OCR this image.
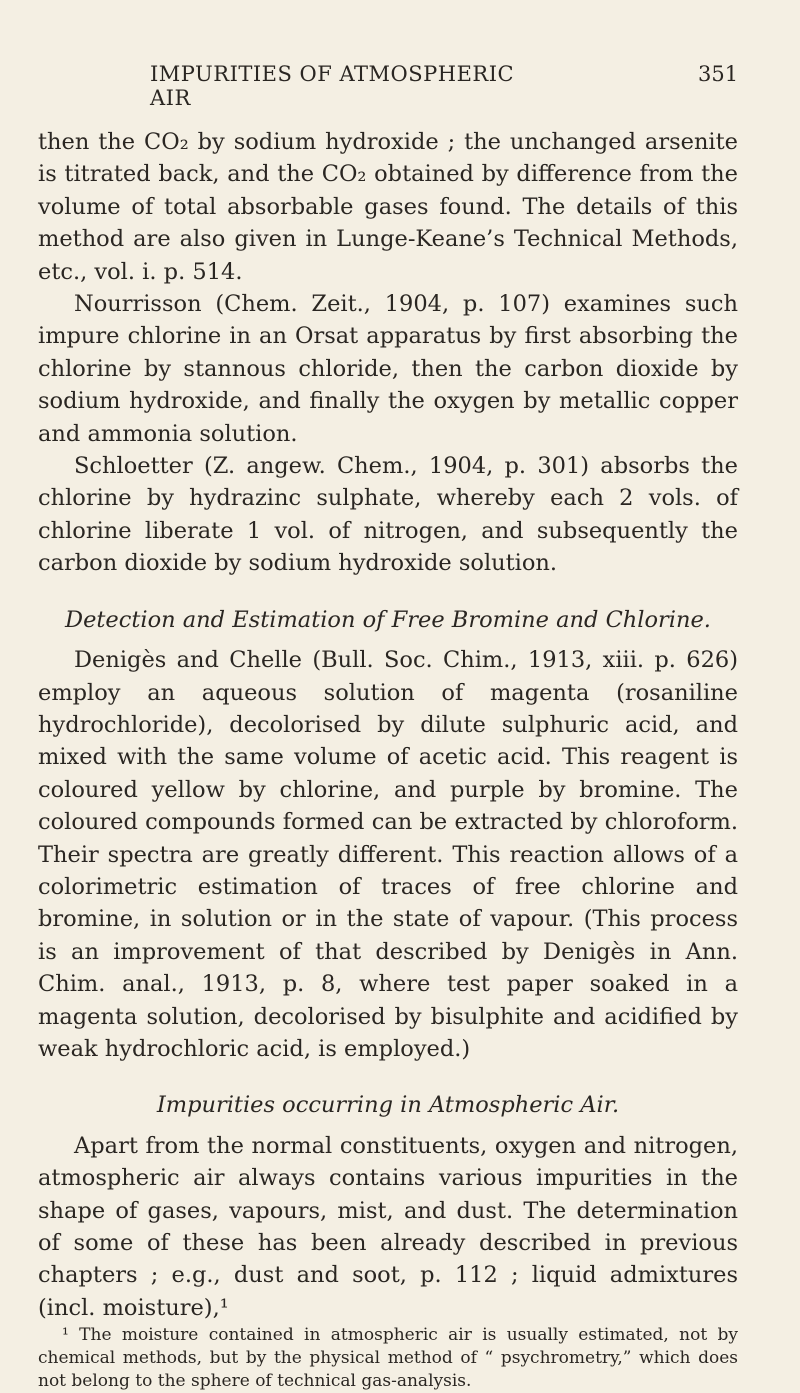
IMPURITIES OF ATMOSPHERIC AIR
351

then the CO₂ by sodium hydroxide ; the unchanged arsenite is titrated back, and the CO₂ obtained by difference from the volume of total absorbable gases found. The details of this method are also given in Lunge-Keane’s Technical Methods, etc., vol. i. p. 514.

Nourrisson (Chem. Zeit., 1904, p. 107) examines such impure chlorine in an Orsat apparatus by first absorbing the chlorine by stannous chloride, then the carbon dioxide by sodium hydroxide, and finally the oxygen by metallic copper and ammonia solution.

Schloetter (Z. angew. Chem., 1904, p. 301) absorbs the chlorine by hydrazinc sulphate, whereby each 2 vols. of chlorine liberate 1 vol. of nitrogen, and subsequently the carbon dioxide by sodium hydroxide solution.

Detection and Estimation of Free Bromine and Chlorine.

Denigès and Chelle (Bull. Soc. Chim., 1913, xiii. p. 626) employ an aqueous solution of magenta (rosaniline hydrochloride), decolorised by dilute sulphuric acid, and mixed with the same volume of acetic acid. This reagent is coloured yellow by chlorine, and purple by bromine. The coloured compounds formed can be extracted by chloroform. Their spectra are greatly different. This reaction allows of a colorimetric estimation of traces of free chlorine and bromine, in solution or in the state of vapour. (This process is an improvement of that described by Denigès in Ann. Chim. anal., 1913, p. 8, where test paper soaked in a magenta solution, decolorised by bisulphite and acidified by weak hydrochloric acid, is employed.)

Impurities occurring in Atmospheric Air.

Apart from the normal constituents, oxygen and nitrogen, atmospheric air always contains various impurities in the shape of gases, vapours, mist, and dust. The determination of some of these has been already described in previous chapters ; e.g., dust and soot, p. 112 ; liquid admixtures (incl. moisture),¹

¹ The moisture contained in atmospheric air is usually estimated, not by chemical methods, but by the physical method of “ psychrometry,” which does not belong to the sphere of technical gas-analysis.
